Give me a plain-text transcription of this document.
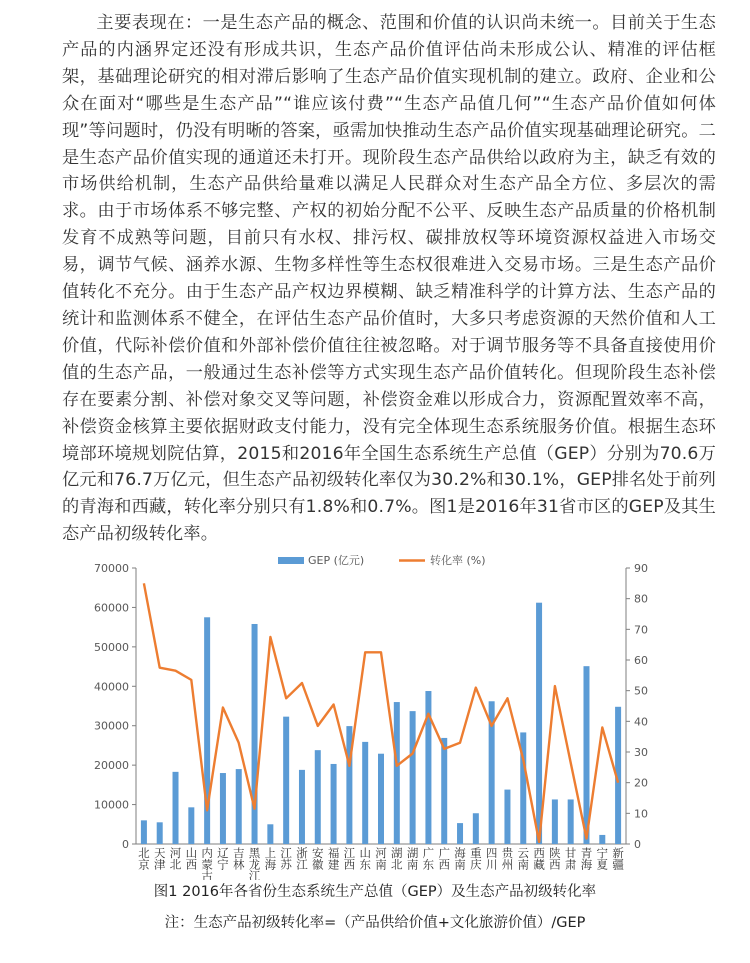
主要表现在：一是生态产品的概念、范围和价值的认识尚未统一。目前关于生态产品的内涵界定还没有形成共识，生态产品价值评估尚未形成公认、精准的评估框架，基础理论研究的相对滞后影响了生态产品价值实现机制的建立。政府、企业和公众在面对“哪些是生态产品”“谁应该付费”“生态产品值几何”“生态产品价值如何体现”等问题时，仍没有明晰的答案，亟需加快推动生态产品价值实现基础理论研究。二是生态产品价值实现的通道还未打开。现阶段生态产品供给以政府为主，缺乏有效的市场供给机制，生态产品供给量难以满足人民群众对生态产品全方位、多层次的需求。由于市场体系不够完整、产权的初始分配不公平、反映生态产品质量的价格机制发育不成熟等问题，目前只有水权、排污权、碳排放权等环境资源权益进入市场交易，调节气候、涵养水源、生物多样性等生态权很难进入交易市场。三是生态产品价值转化不充分。由于生态产品产权边界模糊、缺乏精准科学的计算方法、生态产品的统计和监测体系不健全，在评估生态产品价值时，大多只考虑资源的天然价值和人工价值，代际补偿价值和外部补偿价值往往被忽略。对于调节服务等不具备直接使用价值的生态产品，一般通过生态补偿等方式实现生态产品价值转化。但现阶段生态补偿存在要素分割、补偿对象交叉等问题，补偿资金难以形成合力，资源配置效率不高，补偿资金核算主要依据财政支付能力，没有完全体现生态系统服务价值。根据生态环境部环境规划院估算，2015和2016年全国生态系统生产总值（GEP）分别为70.6万亿元和76.7万亿元，但生态产品初级转化率仅为30.2%和30.1%，GEP排名处于前列的青海和西藏，转化率分别只有1.8%和0.7%。图1是2016年31省市区的GEP及其生态产品初级转化率。

0
10000
20000
30000
40000
50000
60000
70000
0
10
20
30
40
50
60
70
80
90
北京
天津
河北
山西
内蒙古
辽宁
吉林
黑龙江
上海
江苏
浙江
安徽
福建
江西
山东
河南
湖北
湖南
广东
广西
海南
重庆
四川
贵州
云南
西藏
陕西
甘肃
青海
宁夏
新疆
GEP (亿元)	转化率 (%)
图1 2016年各省份生态系统生产总值（GEP）及生态产品初级转化率
注：生态产品初级转化率=（产品供给价值+文化旅游价值）/GEP
